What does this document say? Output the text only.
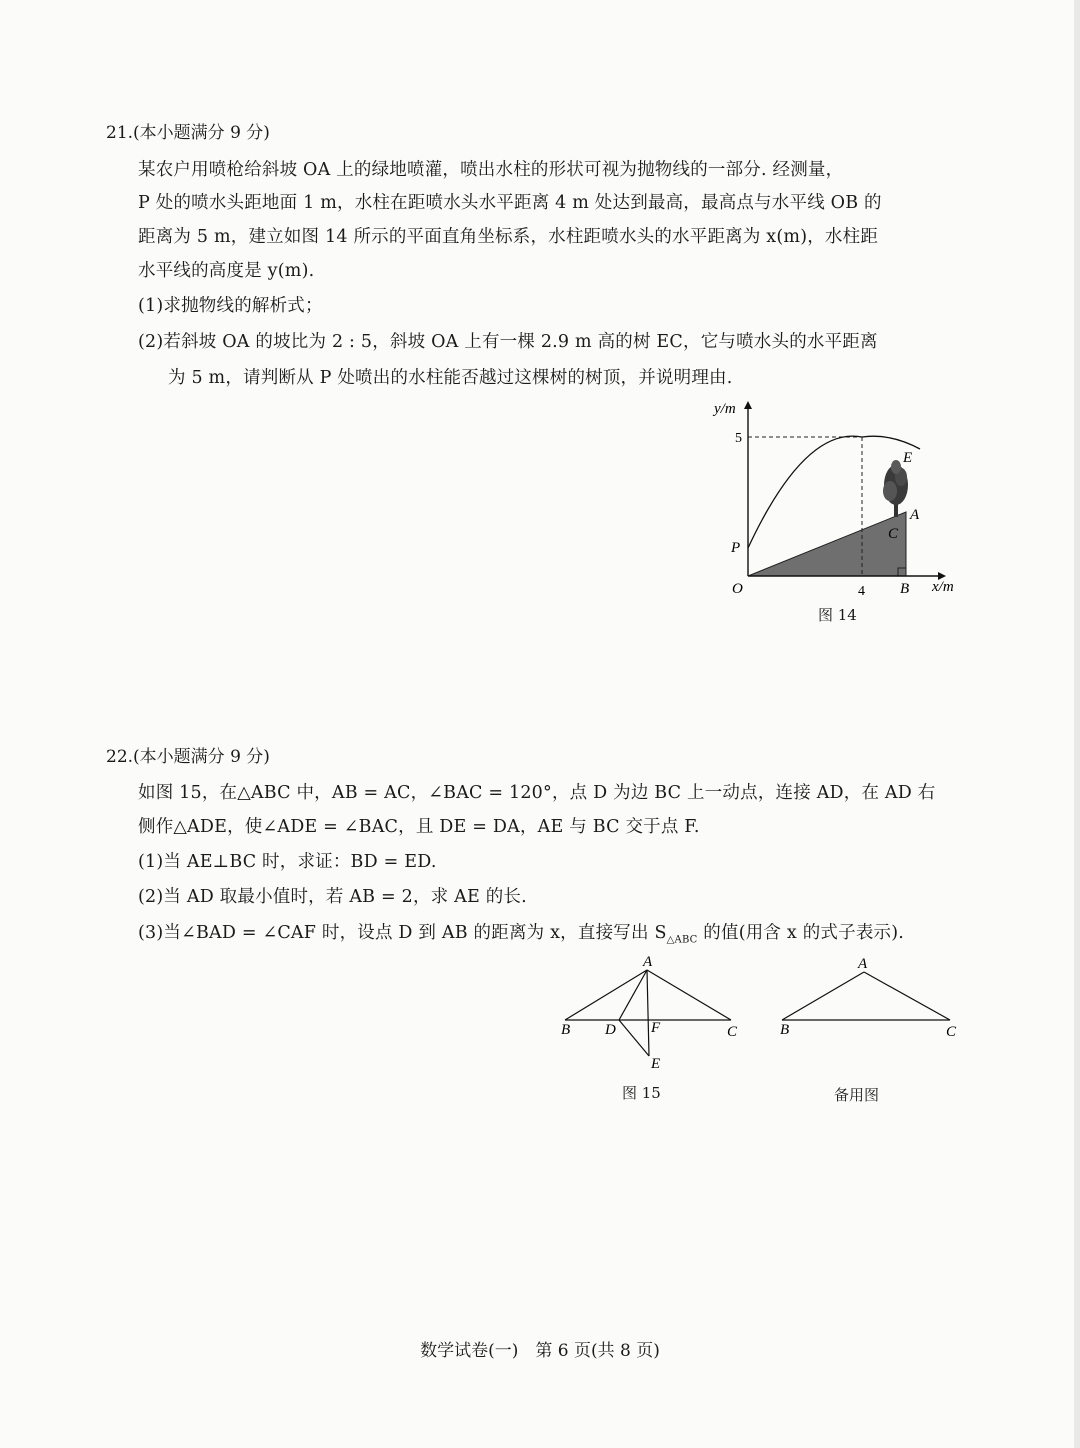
21.(本小题满分 9 分)
某农户用喷枪给斜坡 OA 上的绿地喷灌，喷出水柱的形状可视为抛物线的一部分. 经测量，
P 处的喷水头距地面 1 m，水柱在距喷水头水平距离 4 m 处达到最高，最高点与水平线 OB 的
距离为 5 m，建立如图 14 所示的平面直角坐标系，水柱距喷水头的水平距离为 x(m)，水柱距
水平线的高度是 y(m).
(1)求抛物线的解析式；
(2)若斜坡 OA 的坡比为 2 : 5，斜坡 OA 上有一棵 2.9 m 高的树 EC，它与喷水头的水平距离
为 5 m，请判断从 P 处喷出的水柱能否越过这棵树的树顶，并说明理由.
y/m
x/m
5
4
O
P
B
A
C
E
图 14
22.(本小题满分 9 分)
如图 15，在△ABC 中，AB = AC，∠BAC = 120°，点 D 为边 BC 上一动点，连接 AD，在 AD 右
侧作△ADE，使∠ADE = ∠BAC，且 DE = DA，AE 与 BC 交于点 F.
(1)当 AE⊥BC 时，求证：BD = ED.
(2)当 AD 取最小值时，若 AB = 2，求 AE 的长.
(3)当∠BAD = ∠CAF 时，设点 D 到 AB 的距离为 x，直接写出 $S_{\triangle ABC}$ 的值(用含 x 的式子表示).
A
B	C
D F
E
图 15
A
B	C
备用图
数学试卷(一)　第 6 页(共 8 页)
